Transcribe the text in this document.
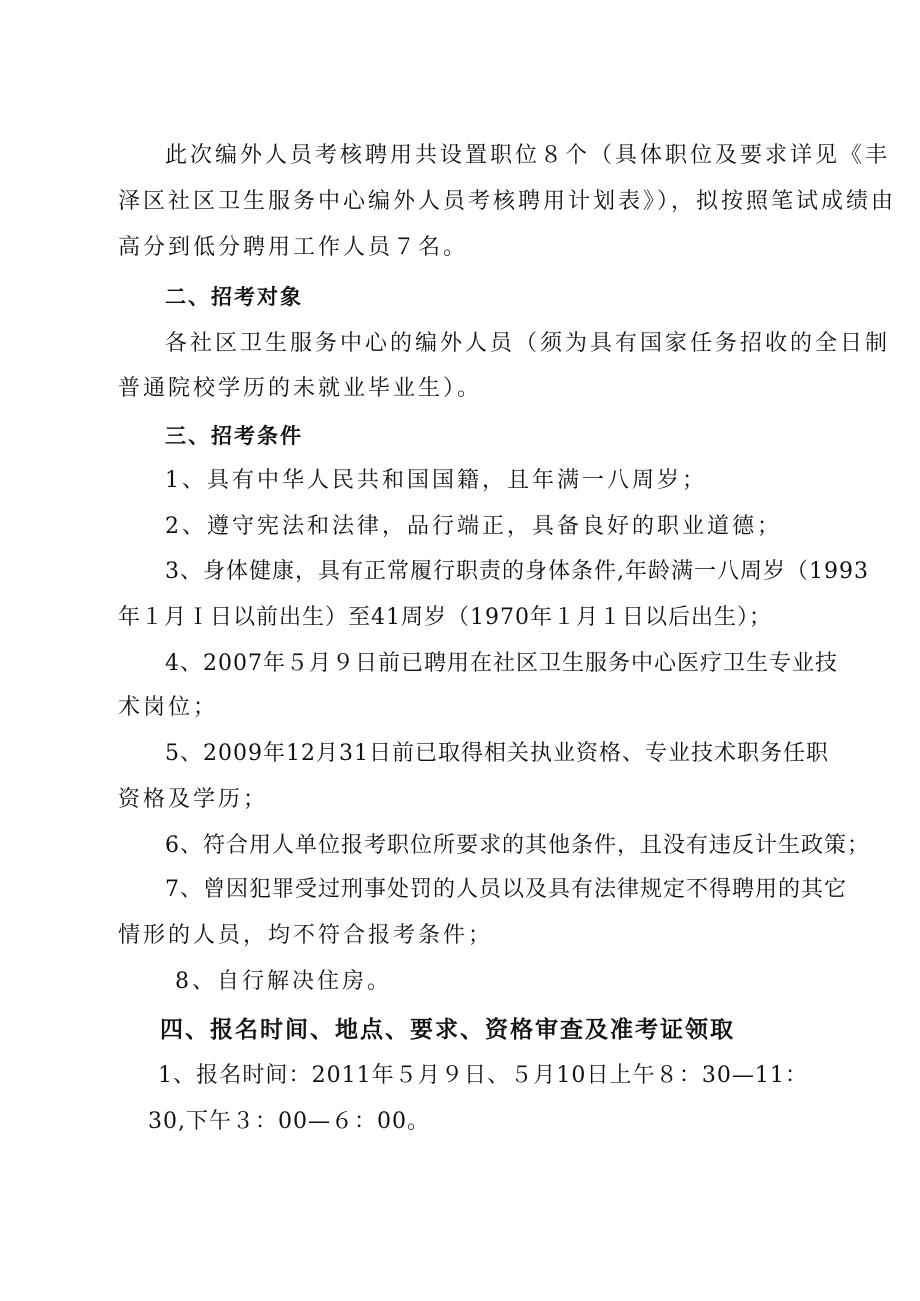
此次编外人员考核聘用共设置职位８个（具体职位及要求详见《丰
泽区社区卫生服务中心编外人员考核聘用计划表》），拟按照笔试成绩由
高分到低分聘用工作人员７名。
二、招考对象
各社区卫生服务中心的编外人员（须为具有国家任务招收的全日制
普通院校学历的未就业毕业生）。
三、招考条件
1、具有中华人民共和国国籍，且年满一八周岁；
2、遵守宪法和法律，品行端正，具备良好的职业道德；
3、身体健康，具有正常履行职责的身体条件,年龄满一八周岁（1993
年１月Ｉ日以前出生）至41周岁（1970年１月１日以后出生）；
4、2007年５月９日前已聘用在社区卫生服务中心医疗卫生专业技
术岗位；
5、2009年12月31日前已取得相关执业资格、专业技术职务任职
资格及学历；
6、符合用人单位报考职位所要求的其他条件，且没有违反计生政策；
7、曾因犯罪受过刑事处罚的人员以及具有法律规定不得聘用的其它
情形的人员，均不符合报考条件；
8、自行解决住房。
四、报名时间、地点、要求、资格审查及准考证领取
1、报名时间：2011年５月９日、５月10日上午８：30—11：
30,下午３：00—６：00。
